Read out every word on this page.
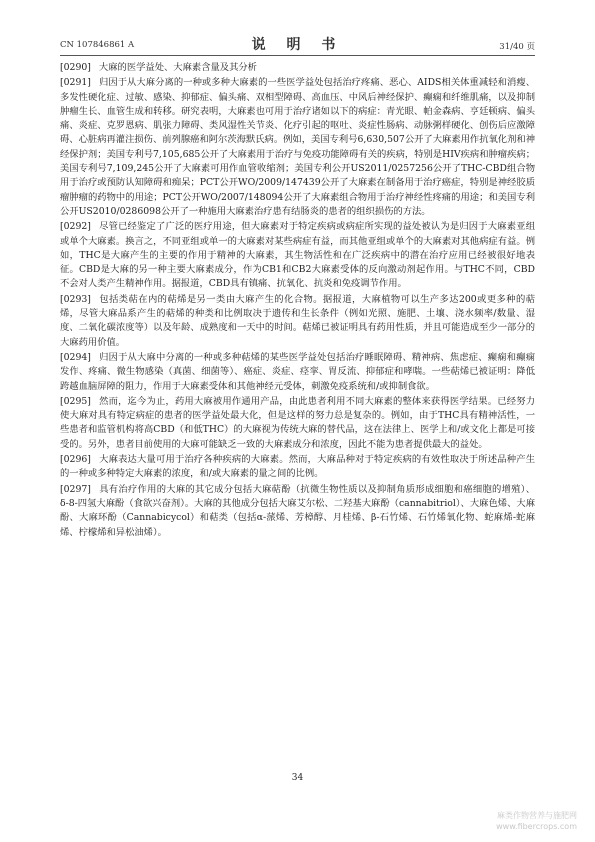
CN 107846861 A	说 明 书	31/40 页

[0290] 大麻的医学益处、大麻素含量及其分析

[0291] 归因于从大麻分离的一种或多种大麻素的一些医学益处包括治疗疼痛、恶心、AIDS相关体重减轻和消瘦、多发性硬化症、过敏、感染、抑郁症、偏头痛、双相型障碍、高血压、中风后神经保护、癫痫和纤维肌痛，以及抑制肿瘤生长、血管生成和转移。研究表明，大麻素也可用于治疗诸如以下的病症：青光眼、帕金森病、亨廷顿病、偏头痛、炎症、克罗恩病、肌张力障碍、类风湿性关节炎、化疗引起的呕吐、炎症性肠病、动脉粥样硬化、创伤后应激障碍、心脏病再灌注损伤、前列腺癌和阿尔茨海默氏病。例如，美国专利号6,630,507公开了大麻素用作抗氧化剂和神经保护剂；美国专利号7,105,685公开了大麻素用于治疗与免疫功能障碍有关的疾病，特别是HIV疾病和肿瘤疾病；美国专利号7,109,245公开了大麻素可用作血管收缩剂；美国专利公开US2011/0257256公开了THC-CBD组合物用于治疗或预防认知障碍和痴呆；PCT公开WO/2009/147439公开了大麻素在制备用于治疗癌症，特别是神经胶质瘤肿瘤的药物中的用途；PCT公开WO/2007/148094公开了大麻素组合物用于治疗神经性疼痛的用途；和美国专利公开US2010/0286098公开了一种施用大麻素治疗患有结肠炎的患者的组织损伤的方法。

[0292] 尽管已经鉴定了广泛的医疗用途，但大麻素对于特定疾病或病症所实现的益处被认为是归因于大麻素亚组或单个大麻素。换言之，不同亚组或单一的大麻素对某些病症有益，而其他亚组或单个的大麻素对其他病症有益。例如，THC是大麻产生的主要的作用于精神的大麻素，其生物活性和在广泛疾病中的潜在治疗应用已经被很好地表征。CBD是大麻的另一种主要大麻素成分，作为CB1和CB2大麻素受体的反向激动剂起作用。与THC不同，CBD不会对人类产生精神作用。据报道，CBD具有镇痛、抗氧化、抗炎和免疫调节作用。

[0293] 包括类萜在内的萜烯是另一类由大麻产生的化合物。据报道，大麻植物可以生产多达200或更多种的萜烯，尽管大麻品系产生的萜烯的种类和比例取决于遗传和生长条件（例如光照、施肥、土壤、浇水频率/数量、湿度、二氧化碳浓度等）以及年龄、成熟度和一天中的时间。萜烯已被证明具有药用性质，并且可能造成至少一部分的大麻药用价值。

[0294] 归因于从大麻中分离的一种或多种萜烯的某些医学益处包括治疗睡眠障碍、精神病、焦虑症、癫痫和癫痫发作、疼痛、微生物感染（真菌、细菌等）、癌症、炎症、痉挛、胃反流、抑郁症和哮喘。一些萜烯已被证明：降低跨越血脑屏障的阻力，作用于大麻素受体和其他神经元受体，刺激免疫系统和/或抑制食欲。

[0295] 然而，迄今为止，药用大麻被用作通用产品，由此患者利用不同大麻素的整体来获得医学结果。已经努力使大麻对具有特定病症的患者的医学益处最大化，但是这样的努力总是复杂的。例如，由于THC具有精神活性，一些患者和监管机构将高CBD（和低THC）的大麻视为传统大麻的替代品，这在法律上、医学上和/或文化上都是可接受的。另外，患者目前使用的大麻可能缺乏一致的大麻素成分和浓度，因此不能为患者提供最大的益处。

[0296] 大麻表达大量可用于治疗各种疾病的大麻素。然而，大麻品种对于特定疾病的有效性取决于所述品种产生的一种或多种特定大麻素的浓度，和/或大麻素的量之间的比例。

[0297] 具有治疗作用的大麻的其它成分包括大麻萜酚（抗微生物性质以及抑制角质形成细胞和癌细胞的增殖）、δ-8-四氢大麻酚（食欲兴奋剂）。大麻的其他成分包括大麻艾尔松、二羟基大麻酚（cannabitriol）、大麻色烯、大麻酚、大麻环酚（Cannabicycol）和萜类（包括α-蒎烯、芳樟醇、月桂烯、β-石竹烯、石竹烯氧化物、蛇麻烯-蛇麻烯、柠檬烯和异松油烯）。

34
麻类作物营养与施肥网
www.fibercrops.com
